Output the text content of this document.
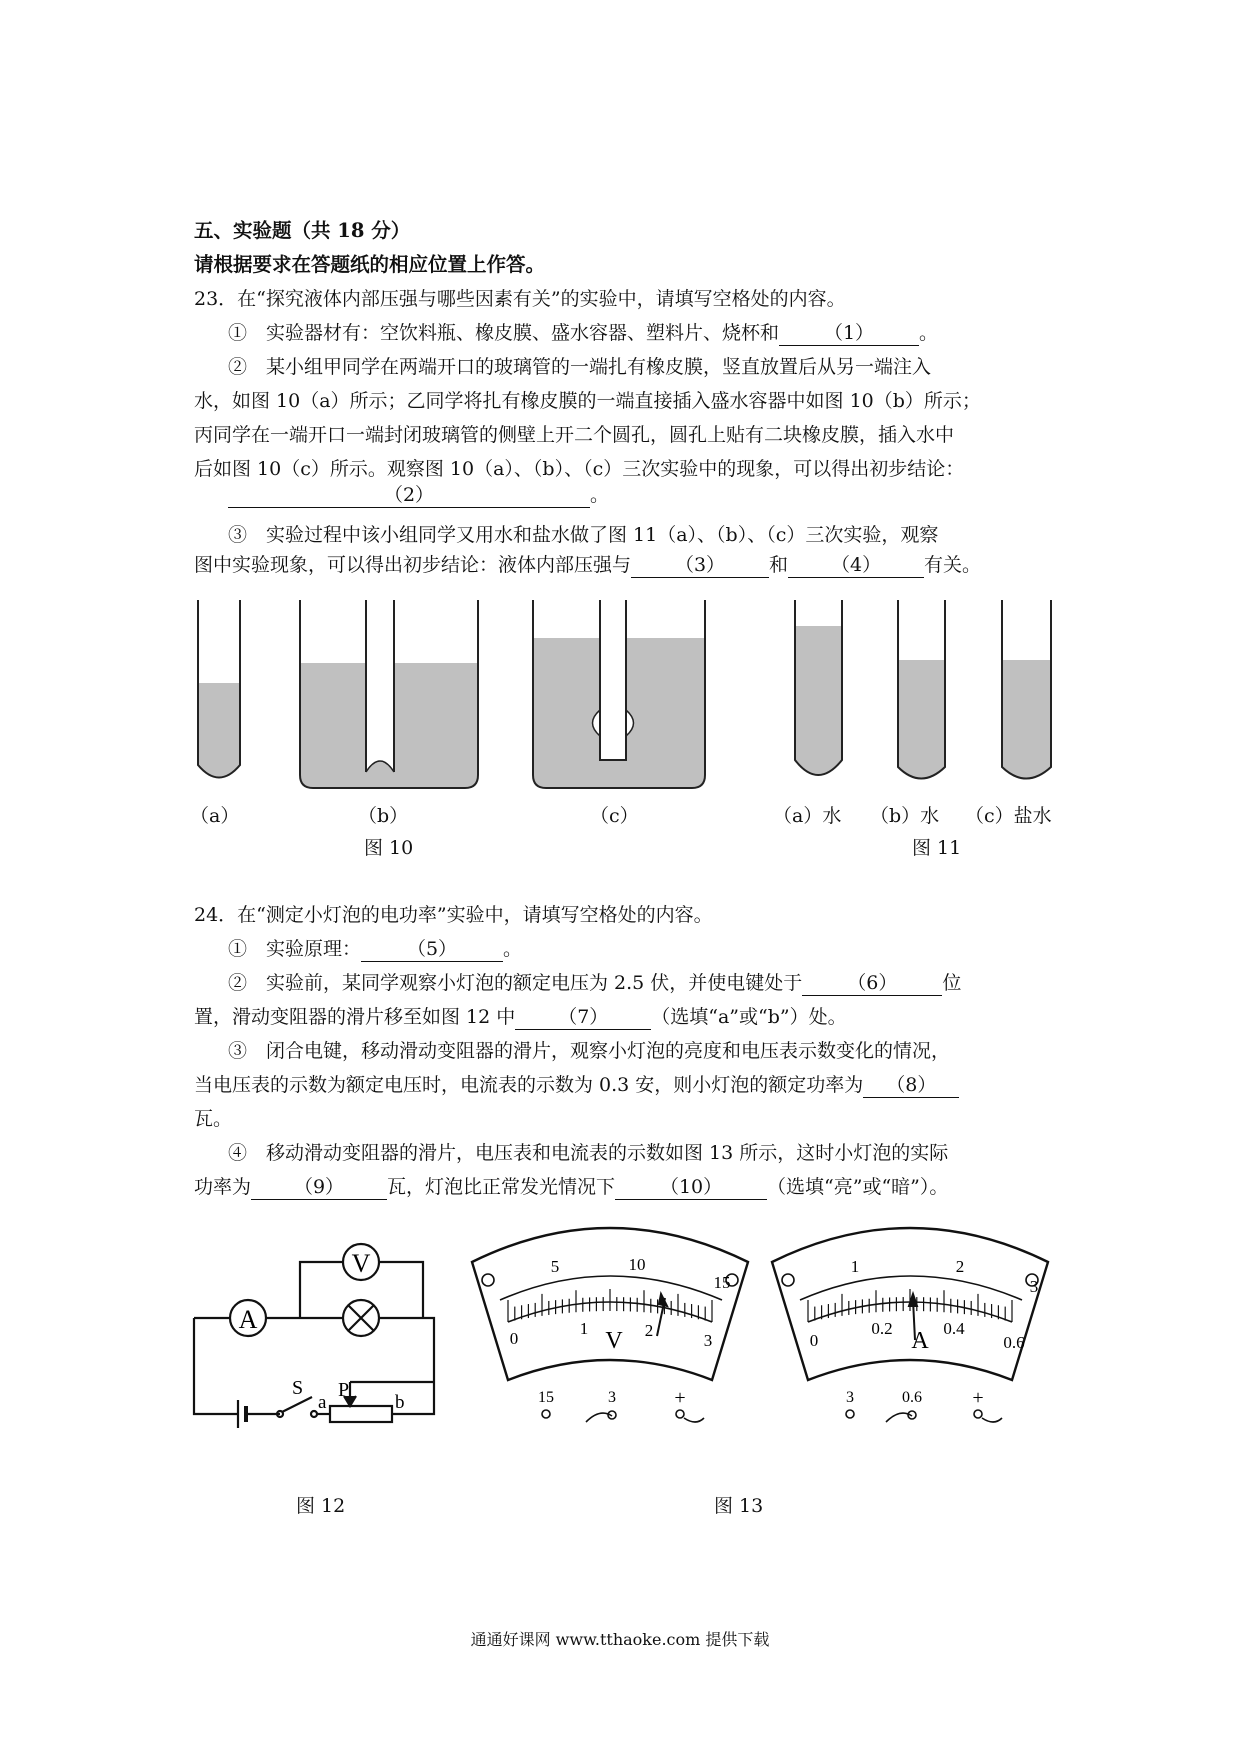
五、实验题（共 18 分）
请根据要求在答题纸的相应位置上作答。
23．在“探究液体内部压强与哪些因素有关”的实验中，请填写空格处的内容。
①　实验器材有：空饮料瓶、橡皮膜、盛水容器、塑料片、烧杯和 （1） 。
②　某小组甲同学在两端开口的玻璃管的一端扎有橡皮膜，竖直放置后从另一端注入
水，如图 10（a）所示；乙同学将扎有橡皮膜的一端直接插入盛水容器中如图 10（b）所示；
丙同学在一端开口一端封闭玻璃管的侧壁上开二个圆孔，圆孔上贴有二块橡皮膜，插入水中
后如图 10（c）所示。观察图 10（a）、（b）、（c）三次实验中的现象，可以得出初步结论：
（2）	。
③　实验过程中该小组同学又用水和盐水做了图 11（a）、（b）、（c）三次实验，观察
图中实验现象，可以得出初步结论：液体内部压强与 （3） 和 （4） 有关。
（a）	（b）	（c）	（a）水 （b）水 （c）盐水
图 10	图 11
24．在“测定小灯泡的电功率”实验中，请填写空格处的内容。
①　实验原理： （5） 。
②　实验前，某同学观察小灯泡的额定电压为 2.5 伏，并使电键处于 （6） 位
置，滑动变阻器的滑片移至如图 12 中 （7） （选填“a”或“b”）处。
③　闭合电键，移动滑动变阻器的滑片，观察小灯泡的亮度和电压表示数变化的情况，
当电压表的示数为额定电压时，电流表的示数为 0.3 安，则小灯泡的额定功率为 （8）
瓦。
④　移动滑动变阻器的滑片，电压表和电流表的示数如图 13 所示，这时小灯泡的实际
功率为 （9） 瓦，灯泡比正常发光情况下 （10） （选填“亮”或“暗”）。
V
A
S P
a	b
5	10
15
0
1	2
3
V
1	2
3
0
0.2	0.4
0.6
A
15	3	+	3	0.6	+
图 12	图 13
通通好课网 www.tthaoke.com 提供下载
